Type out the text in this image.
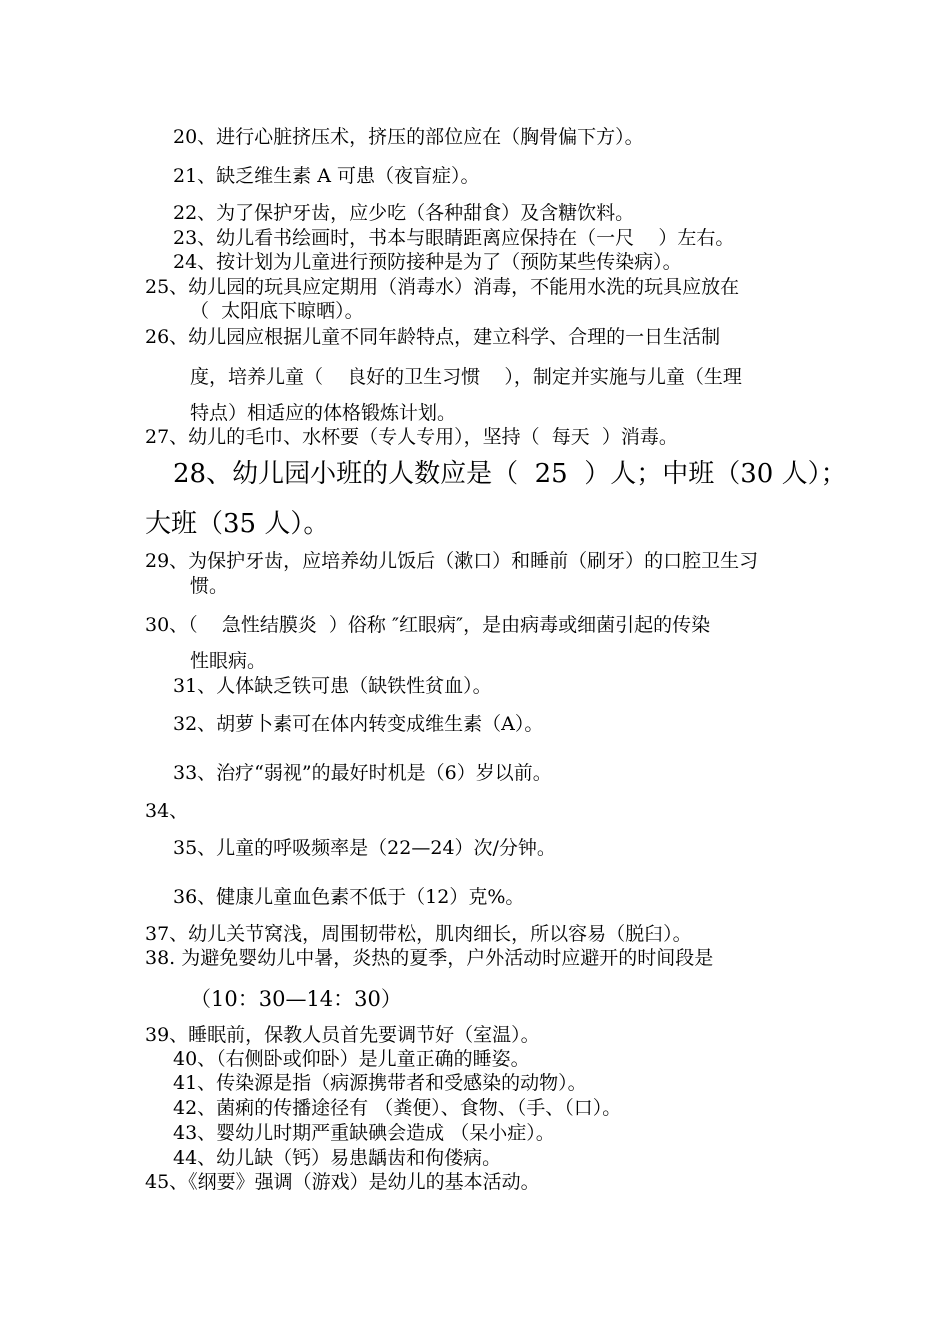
20、进行心脏挤压术，挤压的部位应在（胸骨偏下方）。
21、缺乏维生素 A 可患（夜盲症）。
22、为了保护牙齿，应少吃（各种甜食）及含糖饮料。
23、幼儿看书绘画时，书本与眼睛距离应保持在（一尺    ）左右。
24、按计划为儿童进行预防接种是为了（预防某些传染病）。
25、幼儿园的玩具应定期用（消毒水）消毒，不能用水洗的玩具应放在
（  太阳底下晾晒）。
26、幼儿园应根据儿童不同年龄特点，建立科学、合理的一日生活制
度，培养儿童（    良好的卫生习惯    ），制定并实施与儿童（生理
特点）相适应的体格锻炼计划。
27、幼儿的毛巾、水杯要（专人专用），坚持（  每天  ）消毒。
28、幼儿园小班的人数应是（  25  ）人；中班（30 人）；
大班（35 人）。
29、为保护牙齿，应培养幼儿饭后（漱口）和睡前（刷牙）的口腔卫生习
惯。
30、（    急性结膜炎  ）俗称 ″红眼病″，是由病毒或细菌引起的传染
性眼病。
31、人体缺乏铁可患（缺铁性贫血）。
32、胡萝卜素可在体内转变成维生素（A）。
33、治疗“弱视”的最好时机是（6）岁以前。
34、
35、儿童的呼吸频率是（22—24）次/分钟。
36、健康儿童血色素不低于（12）克%。
37、幼儿关节窝浅，周围韧带松，肌肉细长，所以容易（脱臼）。
38. 为避免婴幼儿中暑，炎热的夏季，户外活动时应避开的时间段是
（10：30—14：30）
39、睡眠前，保教人员首先要调节好（室温）。
40、（右侧卧或仰卧）是儿童正确的睡姿。
41、传染源是指（病源携带者和受感染的动物）。
42、菌痢的传播途径有 （粪便）、食物、（手、（口）。
43、婴幼儿时期严重缺碘会造成 （呆小症）。
44、幼儿缺（钙）易患龋齿和佝偻病。
45、《纲要》强调（游戏）是幼儿的基本活动。
